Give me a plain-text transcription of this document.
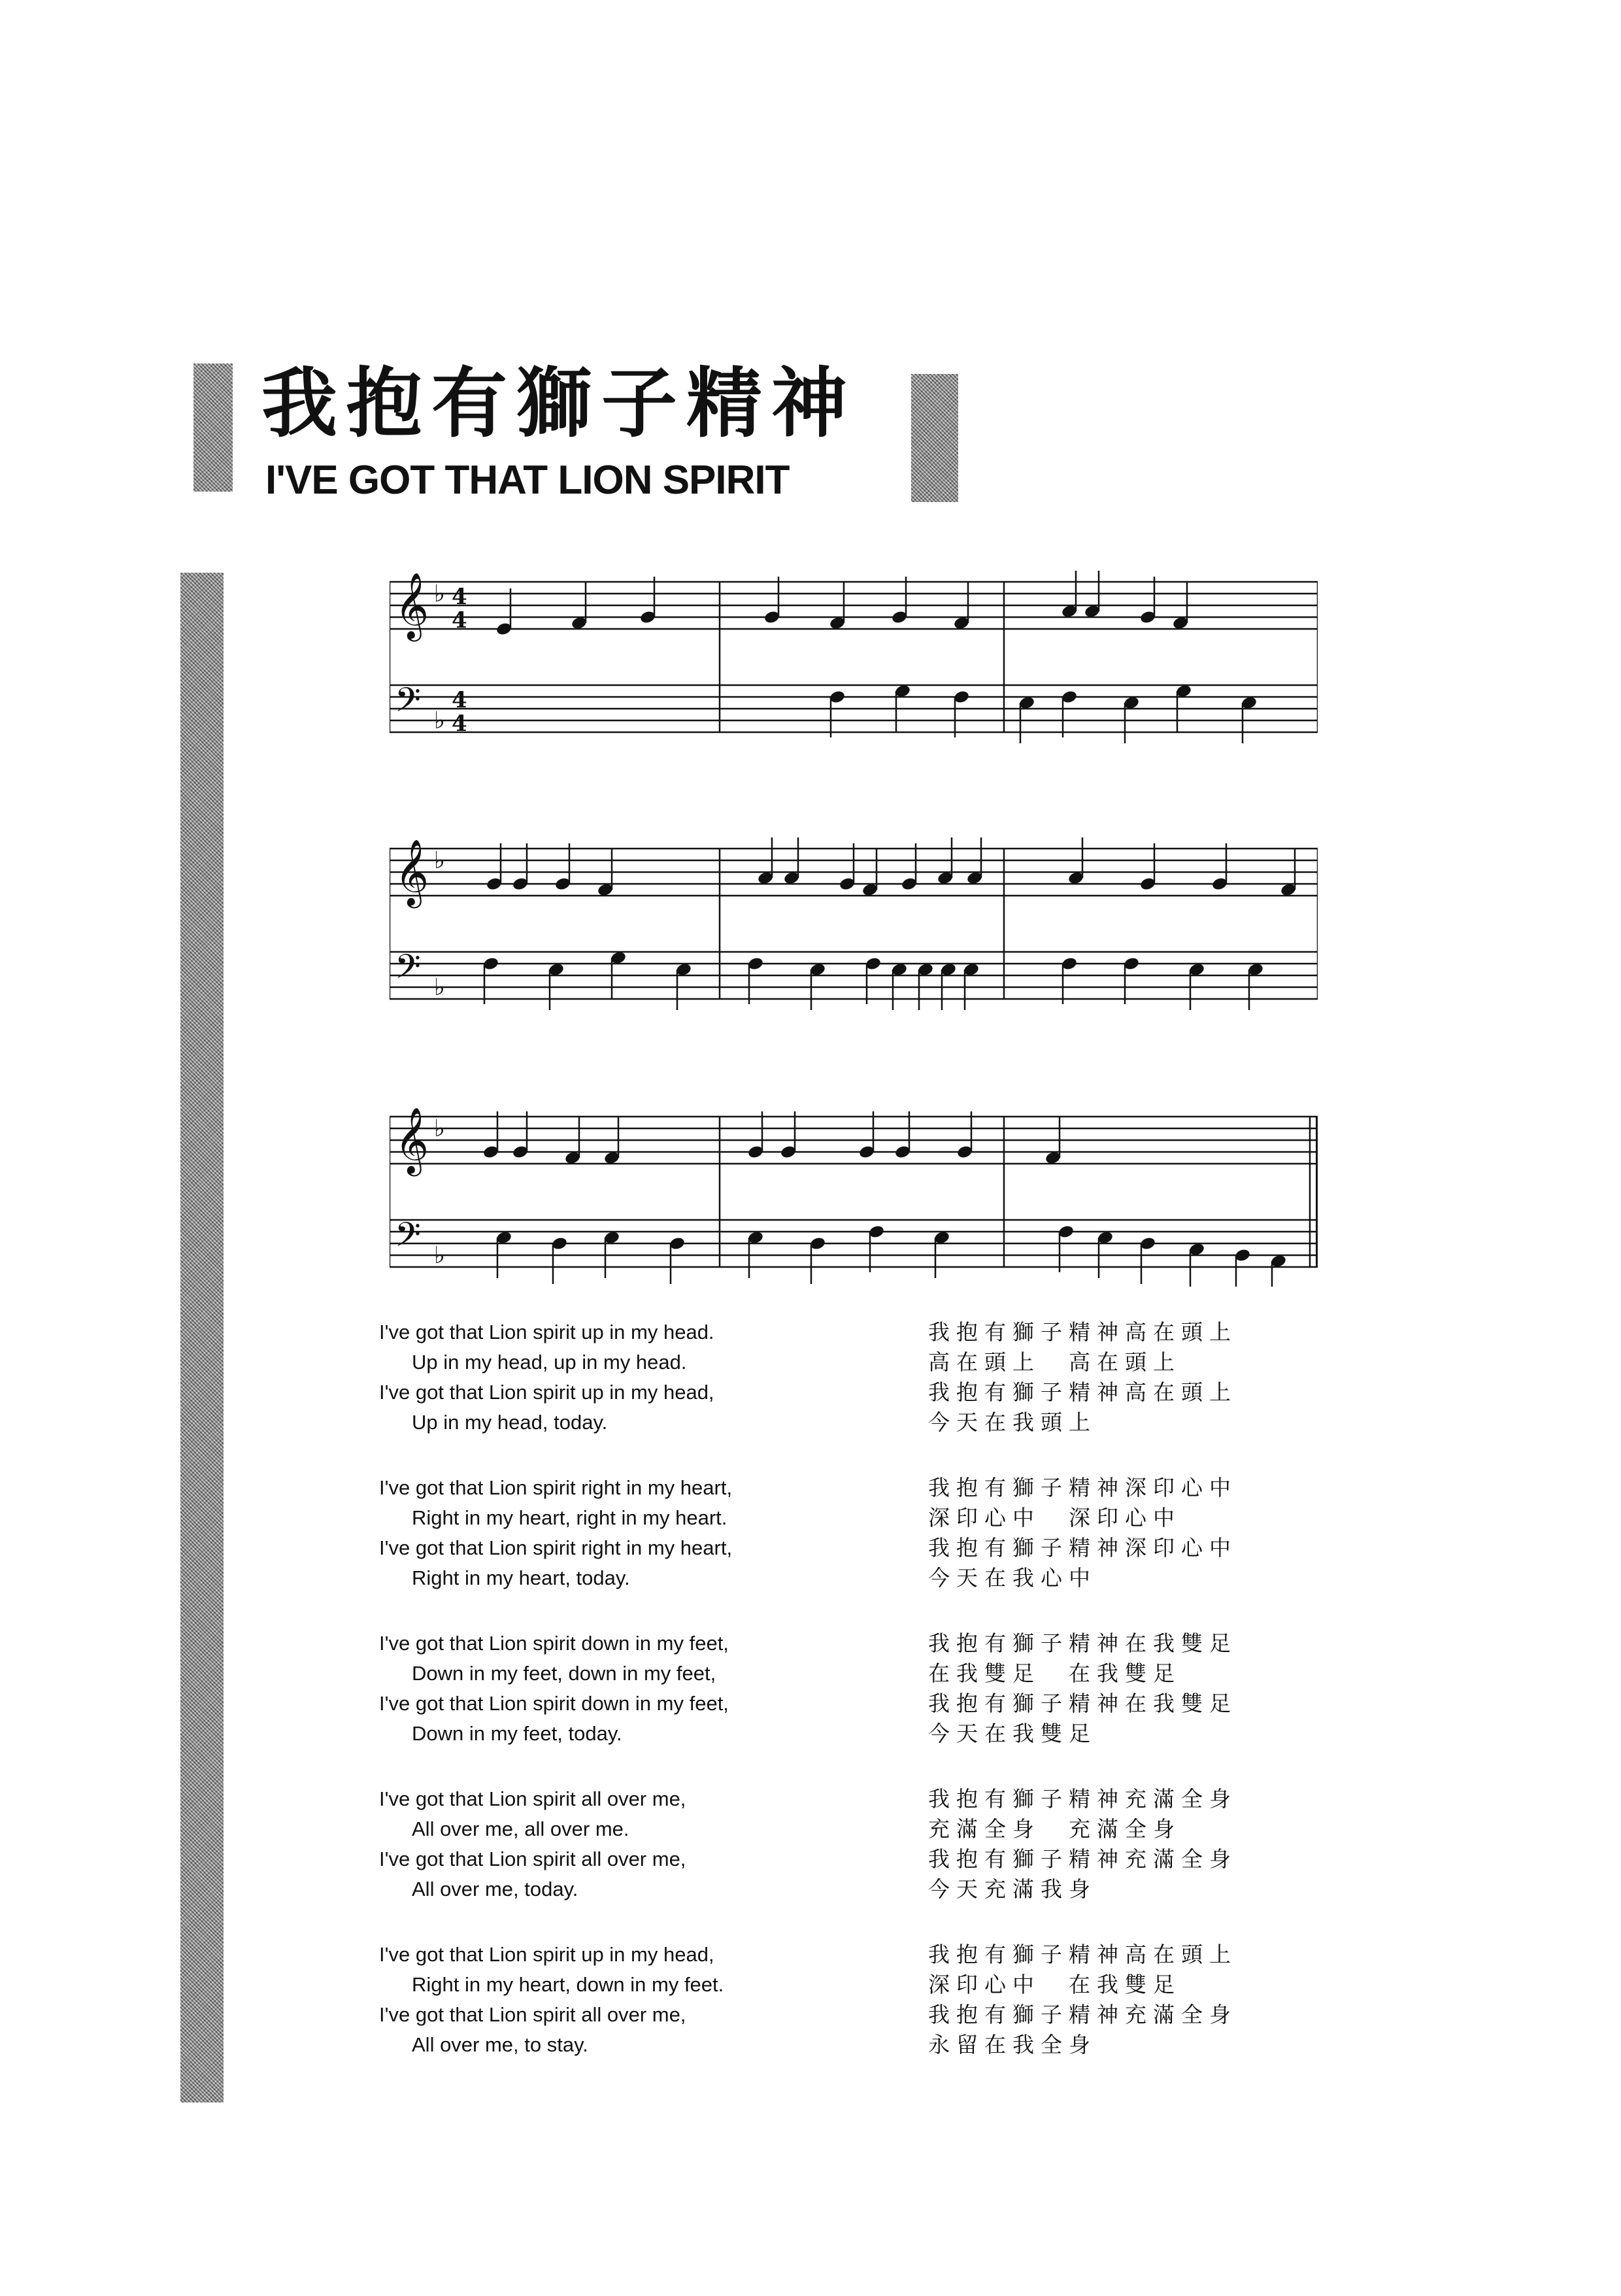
我抱有獅子精神
I'VE GOT THAT LION SPIRIT
𝄞
𝄢
♭
♭
4
4
4
4
𝄞
𝄢
♭
♭
𝄞
𝄢
♭
♭
I've got that Lion spirit up in my head.
Up in my head, up in my head.
I've got that Lion spirit up in my head,
Up in my head, today.
I've got that Lion spirit right in my heart,
Right in my heart, right in my heart.
I've got that Lion spirit right in my heart,
Right in my heart, today.
I've got that Lion spirit down in my feet,
Down in my feet, down in my feet,
I've got that Lion spirit down in my feet,
Down in my feet, today.
I've got that Lion spirit all over me,
All over me, all over me.
I've got that Lion spirit all over me,
All over me, today.
I've got that Lion spirit up in my head,
Right in my heart, down in my feet.
I've got that Lion spirit all over me,
All over me, to stay.
我抱有獅子精神高在頭上
高在頭上　高在頭上
我抱有獅子精神高在頭上
今天在我頭上
我抱有獅子精神深印心中
深印心中　深印心中
我抱有獅子精神深印心中
今天在我心中
我抱有獅子精神在我雙足
在我雙足　在我雙足
我抱有獅子精神在我雙足
今天在我雙足
我抱有獅子精神充滿全身
充滿全身　充滿全身
我抱有獅子精神充滿全身
今天充滿我身
我抱有獅子精神高在頭上
深印心中　在我雙足
我抱有獅子精神充滿全身
永留在我全身
